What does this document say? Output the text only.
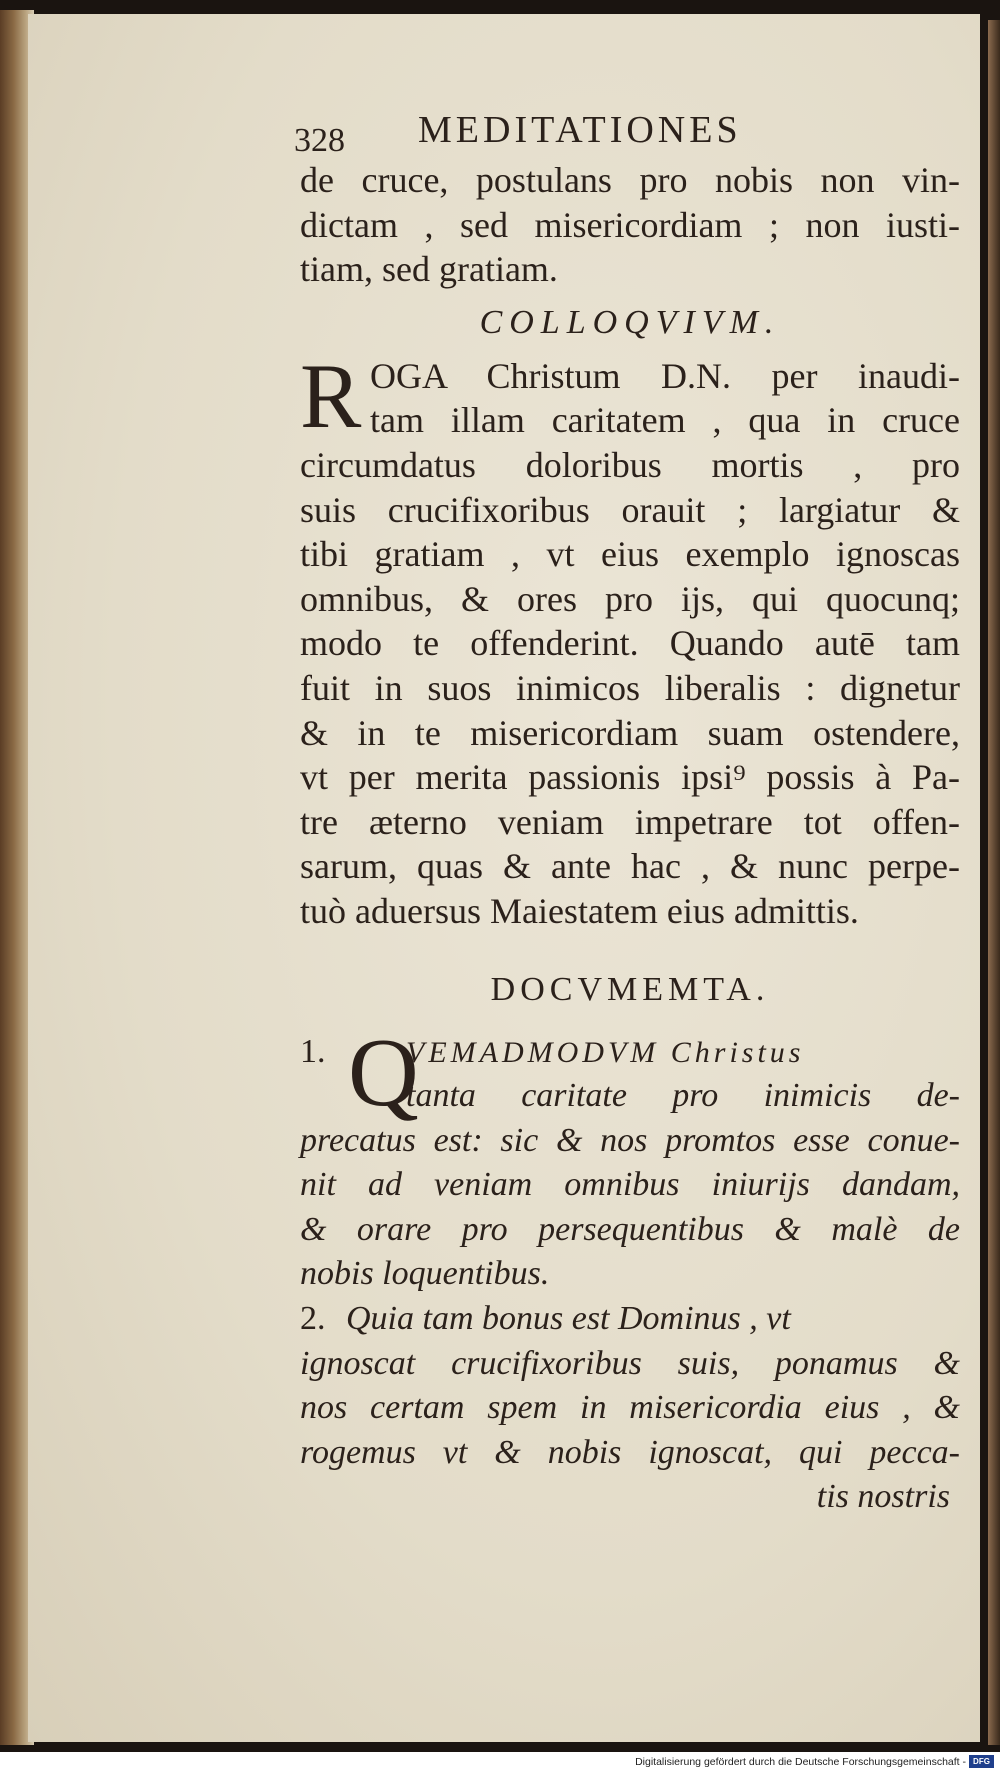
328 MEDITATIONES
de cruce, postulans pro nobis non vin-
dictam , sed misericordiam ; non iusti-
tiam, sed gratiam.
COLLOQVIVM.
R OGA Christum D.N. per inaudi-
tam illam caritatem , qua in cruce
circumdatus doloribus mortis , pro
suis crucifixoribus orauit ; largiatur &
tibi gratiam , vt eius exemplo ignoscas
omnibus, & ores pro ijs, qui quocunq;
modo te offenderint. Quando autē tam
fuit in suos inimicos liberalis : dignetur
& in te misericordiam suam ostendere,
vt per merita passionis ipsi⁹ possis à Pa-
tre æterno veniam impetrare tot offen-
sarum, quas & ante hac , & nunc perpe-
tuò aduersus Maiestatem eius admittis.
DOCVMEMTA.
Q
1.	VEMADMODVM Christus
tanta caritate pro inimicis de-
precatus est: sic & nos promtos esse conue-
nit ad veniam omnibus iniurijs dandam,
& orare pro persequentibus & malè de
nobis loquentibus.
2. Quia tam bonus est Dominus , vt
ignoscat crucifixoribus suis, ponamus &
nos certam spem in misericordia eius , &
rogemus vt & nobis ignoscat, qui pecca-
tis nostris
Digitalisierung gefördert durch die Deutsche Forschungsgemeinschaft - DFG
